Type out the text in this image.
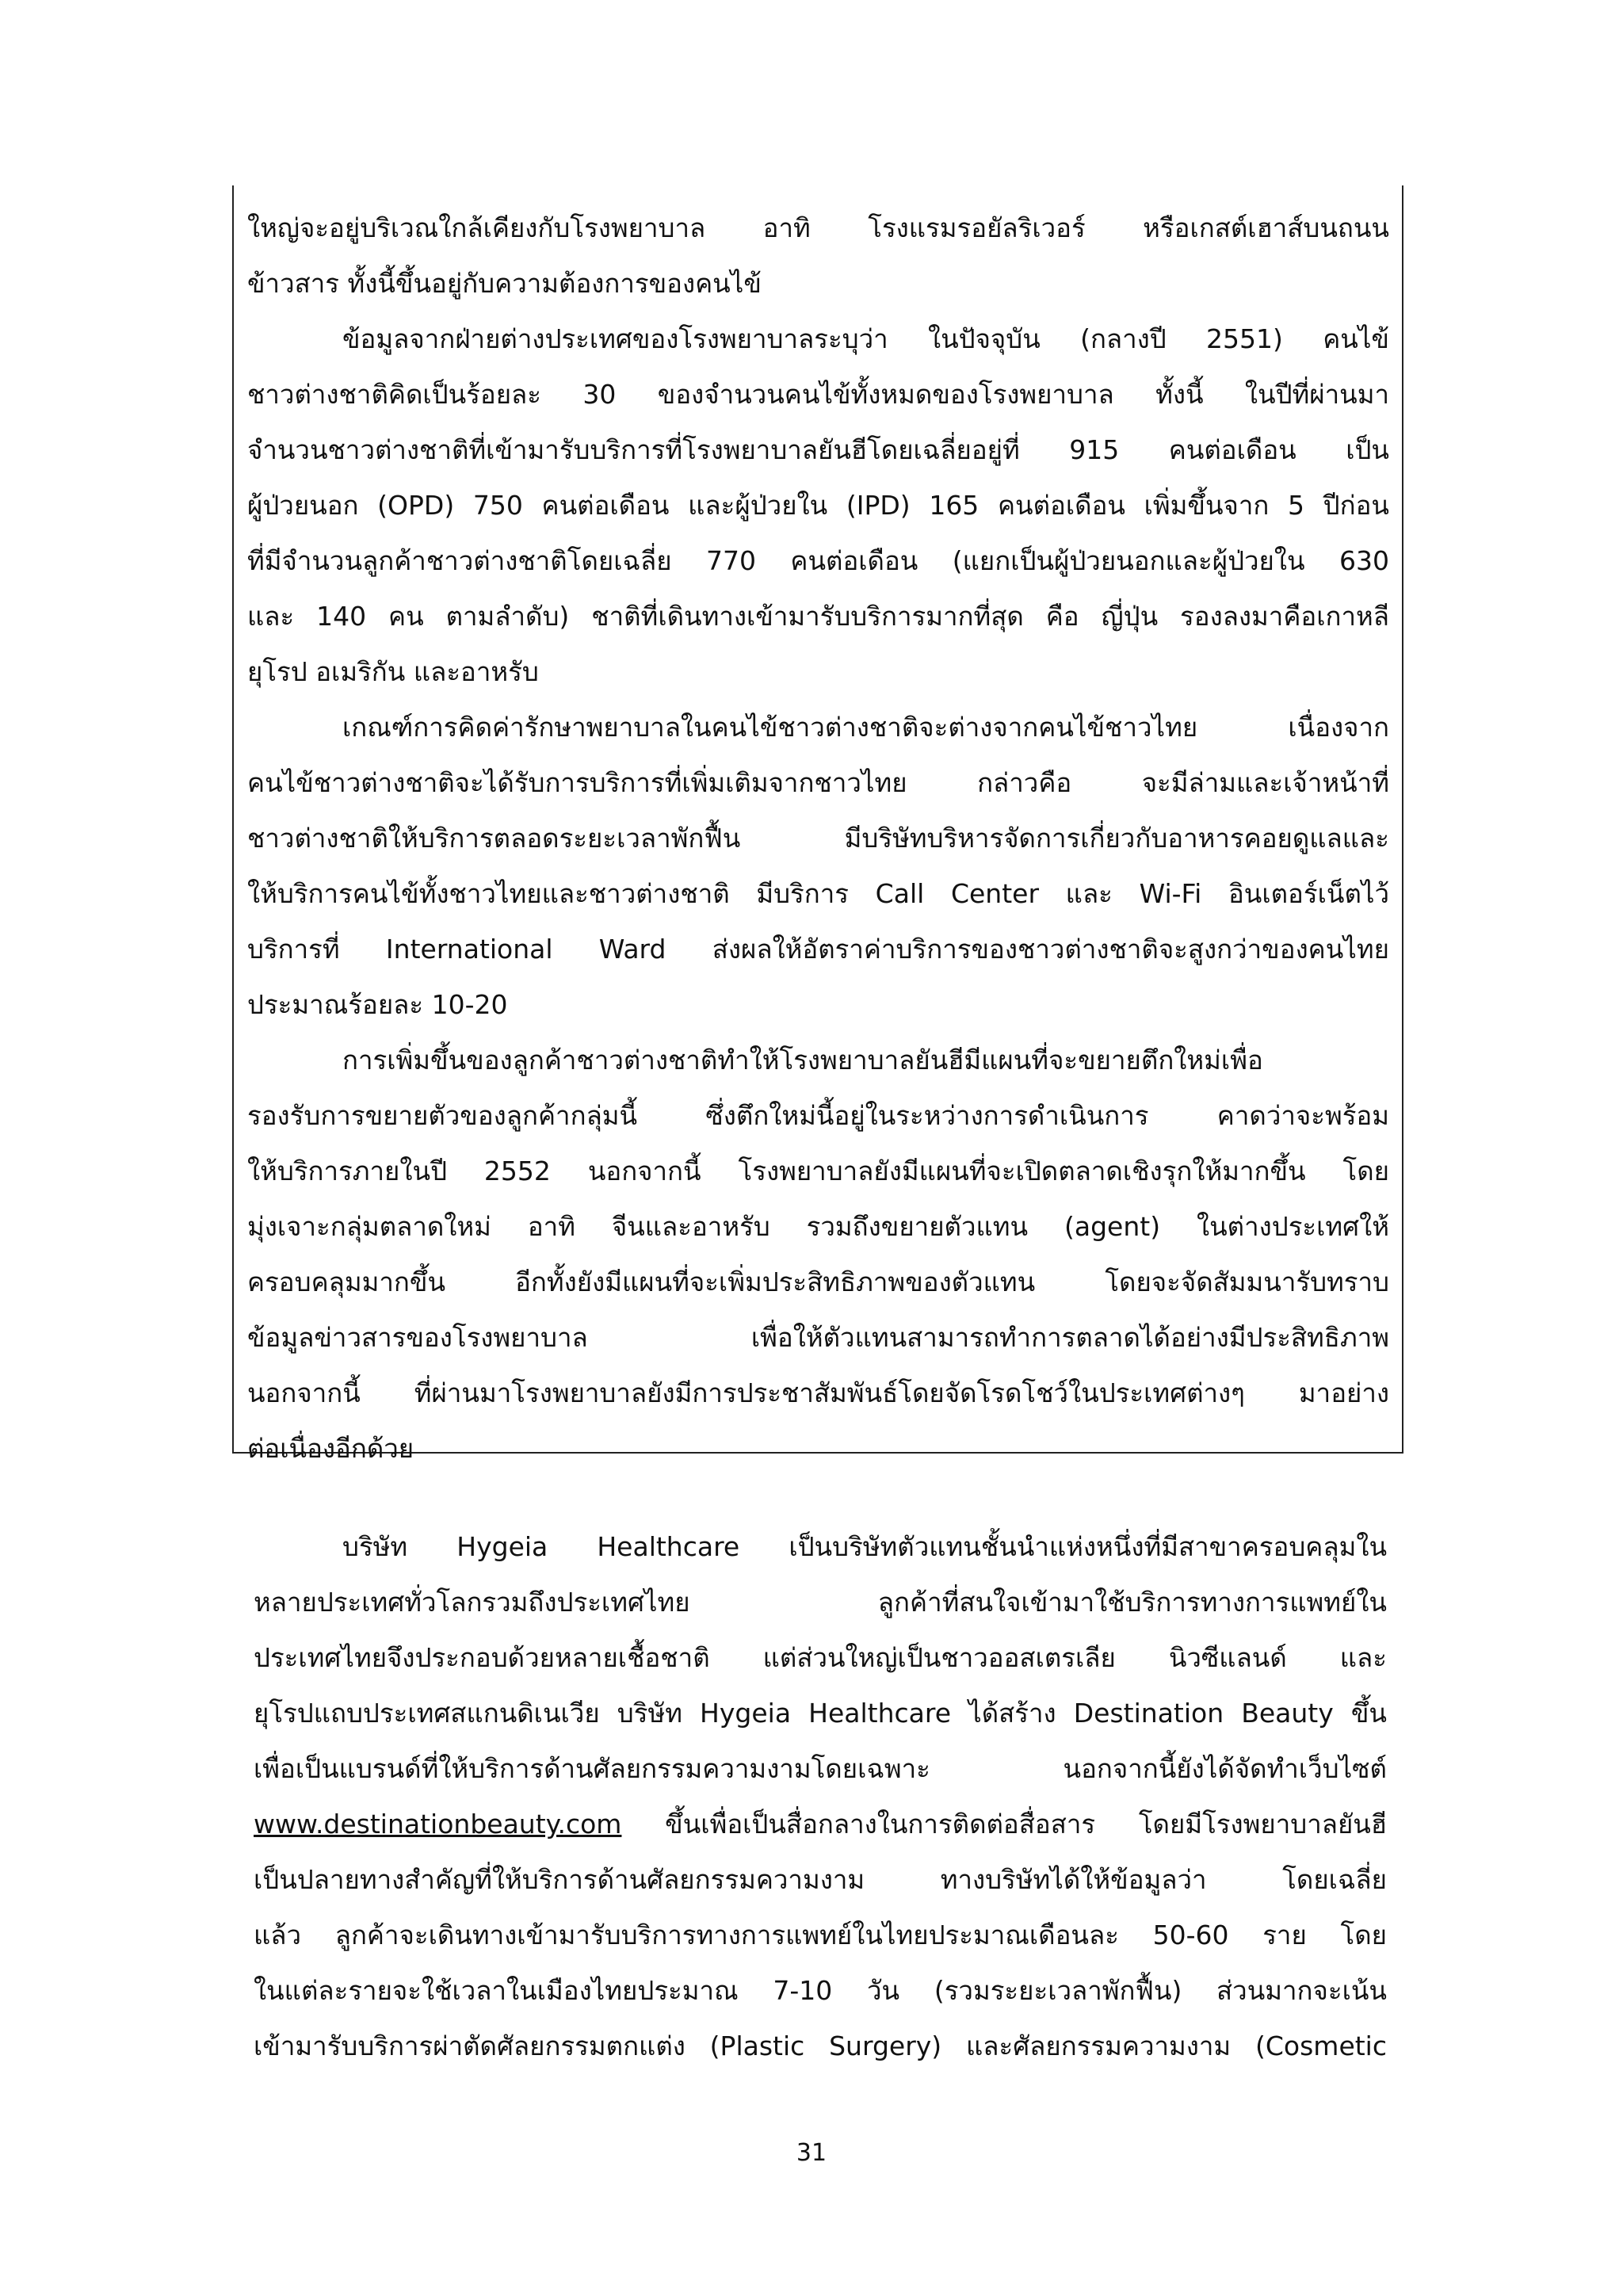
ใหญ่จะอยู่บริเวณใกล้เคียงกับโรงพยาบาล อาทิ โรงแรมรอยัลริเวอร์ หรือเกสต์เฮาส์บนถนน
ข้าวสาร ทั้งนี้ขึ้นอยู่กับความต้องการของคนไข้
ข้อมูลจากฝ่ายต่างประเทศของโรงพยาบาลระบุว่า ในปัจจุบัน (กลางปี 2551) คนไข้
ชาวต่างชาติคิดเป็นร้อยละ 30 ของจำนวนคนไข้ทั้งหมดของโรงพยาบาล ทั้งนี้ ในปีที่ผ่านมา
จำนวนชาวต่างชาติที่เข้ามารับบริการที่โรงพยาบาลยันฮีโดยเฉลี่ยอยู่ที่ 915 คนต่อเดือน เป็น
ผู้ป่วยนอก (OPD) 750 คนต่อเดือน และผู้ป่วยใน (IPD) 165 คนต่อเดือน เพิ่มขึ้นจาก 5 ปีก่อน
ที่มีจำนวนลูกค้าชาวต่างชาติโดยเฉลี่ย 770 คนต่อเดือน (แยกเป็นผู้ป่วยนอกและผู้ป่วยใน 630
และ 140 คน ตามลำดับ) ชาติที่เดินทางเข้ามารับบริการมากที่สุด คือ ญี่ปุ่น รองลงมาคือเกาหลี
ยุโรป อเมริกัน และอาหรับ
เกณฑ์การคิดค่ารักษาพยาบาลในคนไข้ชาวต่างชาติจะต่างจากคนไข้ชาวไทย เนื่องจาก
คนไข้ชาวต่างชาติจะได้รับการบริการที่เพิ่มเติมจากชาวไทย กล่าวคือ จะมีล่ามและเจ้าหน้าที่
ชาวต่างชาติให้บริการตลอดระยะเวลาพักฟื้น มีบริษัทบริหารจัดการเกี่ยวกับอาหารคอยดูแลและ
ให้บริการคนไข้ทั้งชาวไทยและชาวต่างชาติ มีบริการ Call Center และ Wi-Fi อินเตอร์เน็ตไว้
บริการที่ International Ward ส่งผลให้อัตราค่าบริการของชาวต่างชาติจะสูงกว่าของคนไทย
ประมาณร้อยละ 10-20
การเพิ่มขึ้นของลูกค้าชาวต่างชาติทำให้โรงพยาบาลยันฮีมีแผนที่จะขยายตึกใหม่เพื่อ
รองรับการขยายตัวของลูกค้ากลุ่มนี้ ซึ่งตึกใหม่นี้อยู่ในระหว่างการดำเนินการ คาดว่าจะพร้อม
ให้บริการภายในปี 2552 นอกจากนี้ โรงพยาบาลยังมีแผนที่จะเปิดตลาดเชิงรุกให้มากขึ้น โดย
มุ่งเจาะกลุ่มตลาดใหม่ อาทิ จีนและอาหรับ รวมถึงขยายตัวแทน (agent) ในต่างประเทศให้
ครอบคลุมมากขึ้น อีกทั้งยังมีแผนที่จะเพิ่มประสิทธิภาพของตัวแทน โดยจะจัดสัมมนารับทราบ
ข้อมูลข่าวสารของโรงพยาบาล เพื่อให้ตัวแทนสามารถทำการตลาดได้อย่างมีประสิทธิภาพ
นอกจากนี้ ที่ผ่านมาโรงพยาบาลยังมีการประชาสัมพันธ์โดยจัดโรดโชว์ในประเทศต่างๆ มาอย่าง
ต่อเนื่องอีกด้วย
บริษัท Hygeia Healthcare เป็นบริษัทตัวแทนชั้นนำแห่งหนึ่งที่มีสาขาครอบคลุมใน
หลายประเทศทั่วโลกรวมถึงประเทศไทย ลูกค้าที่สนใจเข้ามาใช้บริการทางการแพทย์ใน
ประเทศไทยจึงประกอบด้วยหลายเชื้อชาติ แต่ส่วนใหญ่เป็นชาวออสเตรเลีย นิวซีแลนด์ และ
ยุโรปแถบประเทศสแกนดิเนเวีย บริษัท Hygeia Healthcare ได้สร้าง Destination Beauty ขึ้น
เพื่อเป็นแบรนด์ที่ให้บริการด้านศัลยกรรมความงามโดยเฉพาะ นอกจากนี้ยังได้จัดทำเว็บไซต์
www.destinationbeauty.com ขึ้นเพื่อเป็นสื่อกลางในการติดต่อสื่อสาร โดยมีโรงพยาบาลยันฮี
เป็นปลายทางสำคัญที่ให้บริการด้านศัลยกรรมความงาม ทางบริษัทได้ให้ข้อมูลว่า โดยเฉลี่ย
แล้ว ลูกค้าจะเดินทางเข้ามารับบริการทางการแพทย์ในไทยประมาณเดือนละ 50-60 ราย โดย
ในแต่ละรายจะใช้เวลาในเมืองไทยประมาณ 7-10 วัน (รวมระยะเวลาพักฟื้น) ส่วนมากจะเน้น
เข้ามารับบริการผ่าตัดศัลยกรรมตกแต่ง (Plastic Surgery) และศัลยกรรมความงาม (Cosmetic
31
